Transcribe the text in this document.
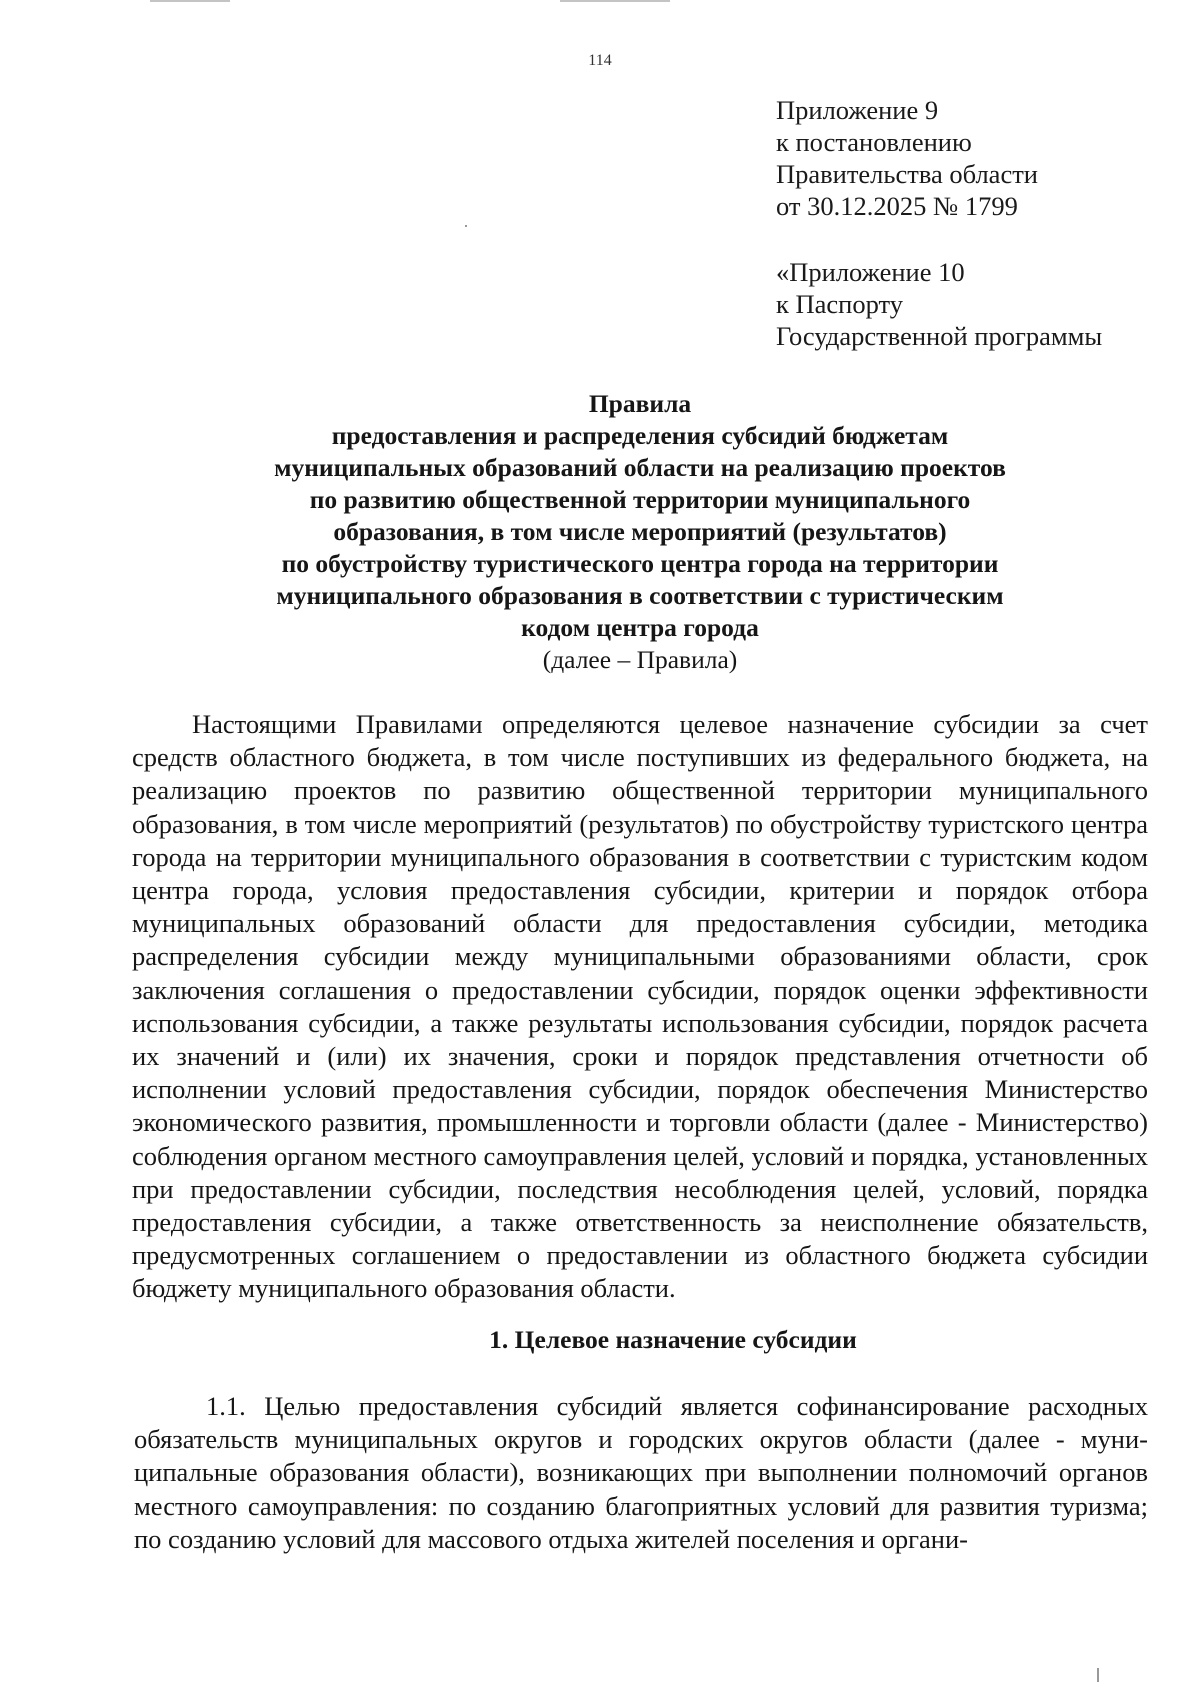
114
Приложение 9
к постановлению
Правительства области
от 30.12.2025 № 1799
«Приложение 10
к Паспорту
Государственной программы
Правила
предоставления и распределения субсидий бюджетам
муниципальных образований области на реализацию проектов
по развитию общественной территории муниципального
образования, в том числе мероприятий (результатов)
по обустройству туристического центра города на территории
муниципального образования в соответствии с туристическим
кодом центра города
(далее – Правила)
Настоящими Правилами определяются целевое назначение субсидии за счет средств областного бюджета, в том числе поступивших из федерального бюджета, на реализацию проектов по развитию общественной территории муниципального образования, в том числе мероприятий (результатов) по обустройству туристского центра города на территории муниципального образования в соответствии с туристским кодом центра города, условия предоставления субсидии, критерии и порядок отбора муниципальных образований области для предоставления субсидии, методика распределения субсидии между муниципальными образованиями области, срок заключения соглашения о предоставлении субсидии, порядок оценки эффективности использования субсидии, а также результаты использования субсидии, порядок расчета их значений и (или) их значения, сроки и порядок представления отчетности об исполнении условий предоставления субсидии, порядок обеспечения Министерство экономического развития, промышленности и торговли области (далее - Министерство) соблюдения органом местного самоуправления целей, условий и порядка, установленных при предоставлении субсидии, последствия несоблюдения целей, условий, порядка предоставления субсидии, а также ответственность за неисполнение обязательств, предусмотренных соглашением о предоставлении из областного бюджета субсидии бюджету муниципального образования области.
1. Целевое назначение субсидии
1.1. Целью предоставления субсидий является софинансирование расходных обязательств муниципальных округов и городских округов области (далее - муниципальные образования области), возникающих при выполнении полномочий органов местного самоуправления: по созданию благоприятных условий для развития туризма; по созданию условий для массового отдыха жителей поселения и органи-
